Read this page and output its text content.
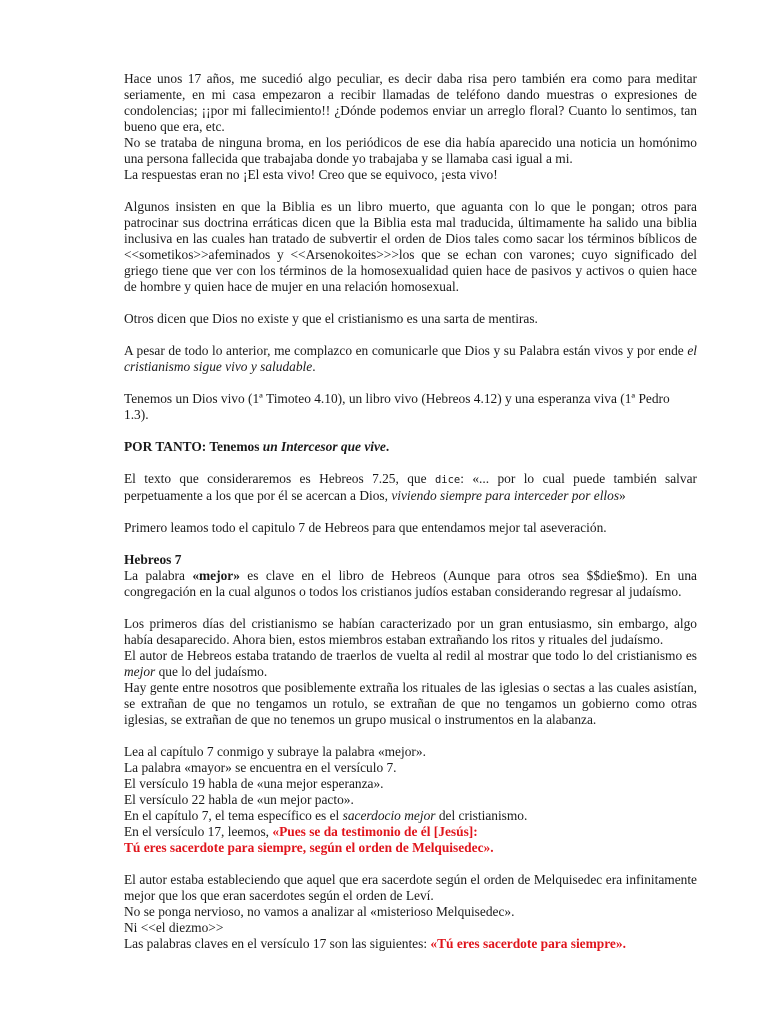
Hace unos 17 años, me sucedió algo peculiar, es decir daba risa pero también era como para meditar seriamente, en mi casa empezaron a recibir llamadas de teléfono dando muestras o expresiones de condolencias; ¡¡por mi fallecimiento!! ¿Dónde podemos enviar un arreglo floral? Cuanto lo sentimos, tan bueno que era, etc.

No se trataba de ninguna broma, en los periódicos de ese dia había aparecido una noticia un homónimo una persona fallecida que trabajaba donde yo trabajaba y se llamaba casi igual a mi.

La respuestas eran no ¡El esta vivo! Creo que se equivoco, ¡esta vivo!

Algunos insisten en que la Biblia es un libro muerto, que aguanta con lo que le pongan; otros para patrocinar sus doctrina erráticas dicen que la Biblia esta mal traducida, últimamente ha salido una biblia inclusiva en las cuales han tratado de subvertir el orden de Dios tales como sacar los términos bíblicos de <<sometikos>>afeminados y <<Arsenokoites>>>los que se echan con varones; cuyo significado del griego tiene que ver con los términos de la homosexualidad quien hace de pasivos y activos o quien hace de hombre y quien hace de mujer en una relación homosexual.

Otros dicen que Dios no existe y que el cristianismo es una sarta de mentiras.

A pesar de todo lo anterior, me complazco en comunicarle que Dios y su Palabra están vivos y por ende el cristianismo sigue vivo y saludable.

Tenemos un Dios vivo (1ª Timoteo 4.10), un libro vivo (Hebreos 4.12) y una esperanza viva (1ª Pedro 1.3).

POR TANTO: Tenemos un Intercesor que vive.

El texto que consideraremos es Hebreos 7.25, que dice: «... por lo cual puede también salvar perpetuamente a los que por él se acercan a Dios, viviendo siempre para interceder por ellos»

Primero leamos todo el capitulo 7 de Hebreos para que entendamos mejor tal aseveración.

Hebreos 7

La palabra «mejor» es clave en el libro de Hebreos (Aunque para otros sea $$die$mo). En una congregación en la cual algunos o todos los cristianos judíos estaban considerando regresar al judaísmo.

Los primeros días del cristianismo se habían caracterizado por un gran entusiasmo, sin embargo, algo había desaparecido. Ahora bien, estos miembros estaban extrañando los ritos y rituales del judaísmo.

El autor de Hebreos estaba tratando de traerlos de vuelta al redil al mostrar que todo lo del cristianismo es mejor que lo del judaísmo.

Hay gente entre nosotros que posiblemente extraña los rituales de las iglesias o sectas a las cuales asistían, se extrañan de que no tengamos un rotulo, se extrañan de que no tengamos un gobierno como otras iglesias, se extrañan de que no tenemos un grupo musical o instrumentos en la alabanza.

Lea al capítulo 7 conmigo y subraye la palabra «mejor».

La palabra «mayor» se encuentra en el versículo 7.

El versículo 19 habla de «una mejor esperanza».

El versículo 22 habla de «un mejor pacto».

En el capítulo 7, el tema específico es el sacerdocio mejor del cristianismo.

En el versículo 17, leemos, «Pues se da testimonio de él [Jesús]:

Tú eres sacerdote para siempre, según el orden de Melquisedec».

El autor estaba estableciendo que aquel que era sacerdote según el orden de Melquisedec era infinitamente mejor que los que eran sacerdotes según el orden de Leví.

No se ponga nervioso, no vamos a analizar al «misterioso Melquisedec».

Ni <<el diezmo>>

Las palabras claves en el versículo 17 son las siguientes: «Tú eres sacerdote para siempre».
